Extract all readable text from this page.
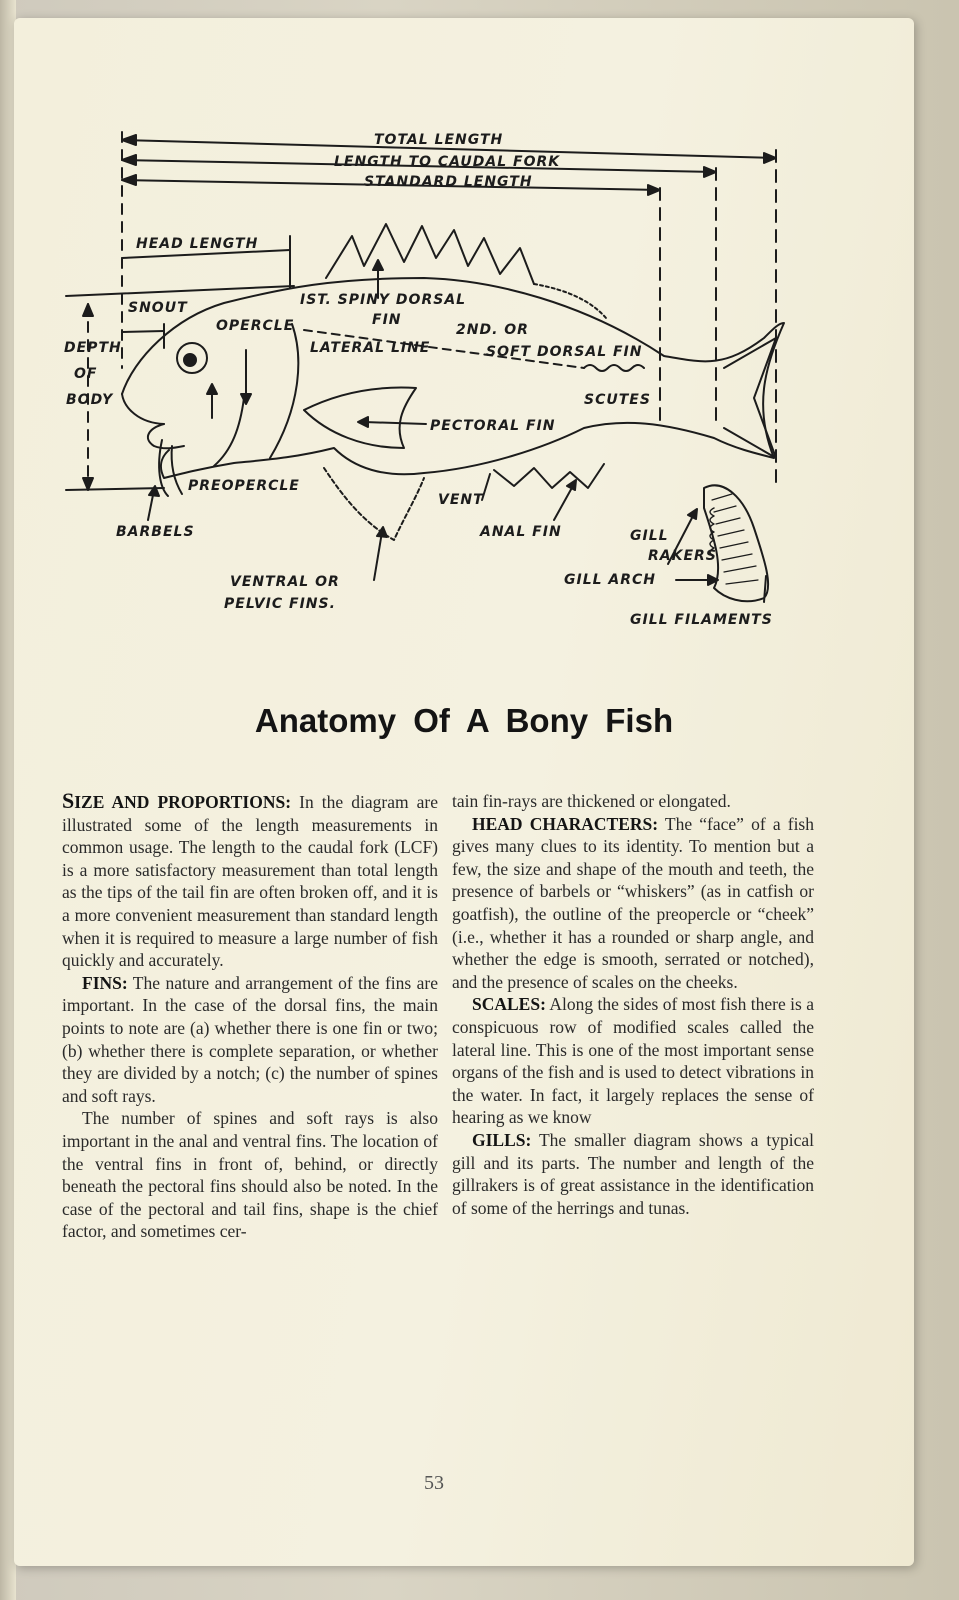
TOTAL LENGTH
LENGTH TO CAUDAL FORK
STANDARD LENGTH
HEAD LENGTH
SNOUT
OPERCLE
IST. SPINY DORSAL
FIN
2ND. OR
SOFT DORSAL FIN
LATERAL LINE
DEPTH
OF
BODY	SCUTES
PECTORAL FIN
PREOPERCLE
VENT
BARBELS	ANAL FIN	GILL
RAKERS
GILL ARCH
VENTRAL OR
PELVIC FINS.
GILL FILAMENTS
Anatomy Of A Bony Fish

SIZE AND PROPORTIONS: In the diagram are illustrated some of the length measurements in common usage. The length to the caudal fork (LCF) is a more satisfactory measurement than total length as the tips of the tail fin are often broken off, and it is a more convenient measurement than standard length when it is required to measure a large number of fish quickly and accurately.

FINS: The nature and arrangement of the fins are important. In the case of the dorsal fins, the main points to note are (a) whether there is one fin or two; (b) whether there is complete separation, or whether they are divided by a notch; (c) the number of spines and soft rays.

The number of spines and soft rays is also important in the anal and ventral fins. The location of the ventral fins in front of, behind, or directly beneath the pectoral fins should also be noted. In the case of the pectoral and tail fins, shape is the chief factor, and sometimes cer-

tain fin-rays are thickened or elongated.

HEAD CHARACTERS: The “face” of a fish gives many clues to its identity. To mention but a few, the size and shape of the mouth and teeth, the presence of barbels or “whiskers” (as in catfish or goatfish), the outline of the preopercle or “cheek” (i.e., whether it has a rounded or sharp angle, and whether the edge is smooth, serrated or notched), and the presence of scales on the cheeks.

SCALES: Along the sides of most fish there is a conspicuous row of modified scales called the lateral line. This is one of the most important sense organs of the fish and is used to detect vibrations in the water. In fact, it largely replaces the sense of hearing as we know

GILLS: The smaller diagram shows a typical gill and its parts. The number and length of the gillrakers is of great assistance in the identification of some of the herrings and tunas.

53
